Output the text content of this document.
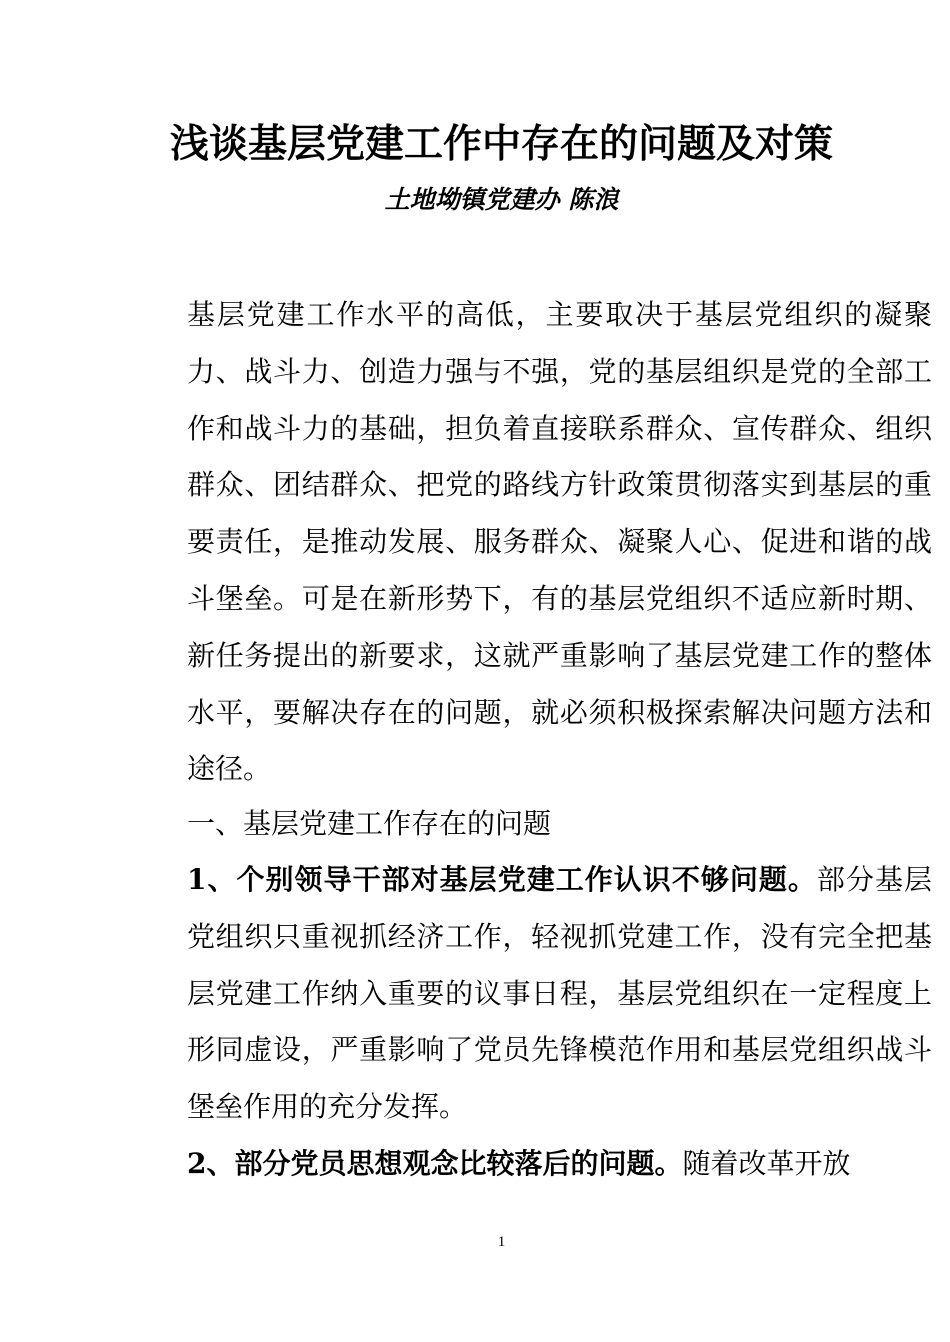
浅谈基层党建工作中存在的问题及对策
土地坳镇党建办 陈浪
基层党建工作水平的高低，主要取决于基层党组织的凝聚力、战斗力、创造力强与不强，党的基层组织是党的全部工作和战斗力的基础，担负着直接联系群众、宣传群众、组织群众、团结群众、把党的路线方针政策贯彻落实到基层的重要责任，是推动发展、服务群众、凝聚人心、促进和谐的战斗堡垒。可是在新形势下，有的基层党组织不适应新时期、新任务提出的新要求，这就严重影响了基层党建工作的整体水平，要解决存在的问题，就必须积极探索解决问题方法和途径。
一、基层党建工作存在的问题
1、个别领导干部对基层党建工作认识不够问题。部分基层党组织只重视抓经济工作，轻视抓党建工作，没有完全把基层党建工作纳入重要的议事日程，基层党组织在一定程度上形同虚设，严重影响了党员先锋模范作用和基层党组织战斗堡垒作用的充分发挥。
2、部分党员思想观念比较落后的问题。随着改革开放
1
